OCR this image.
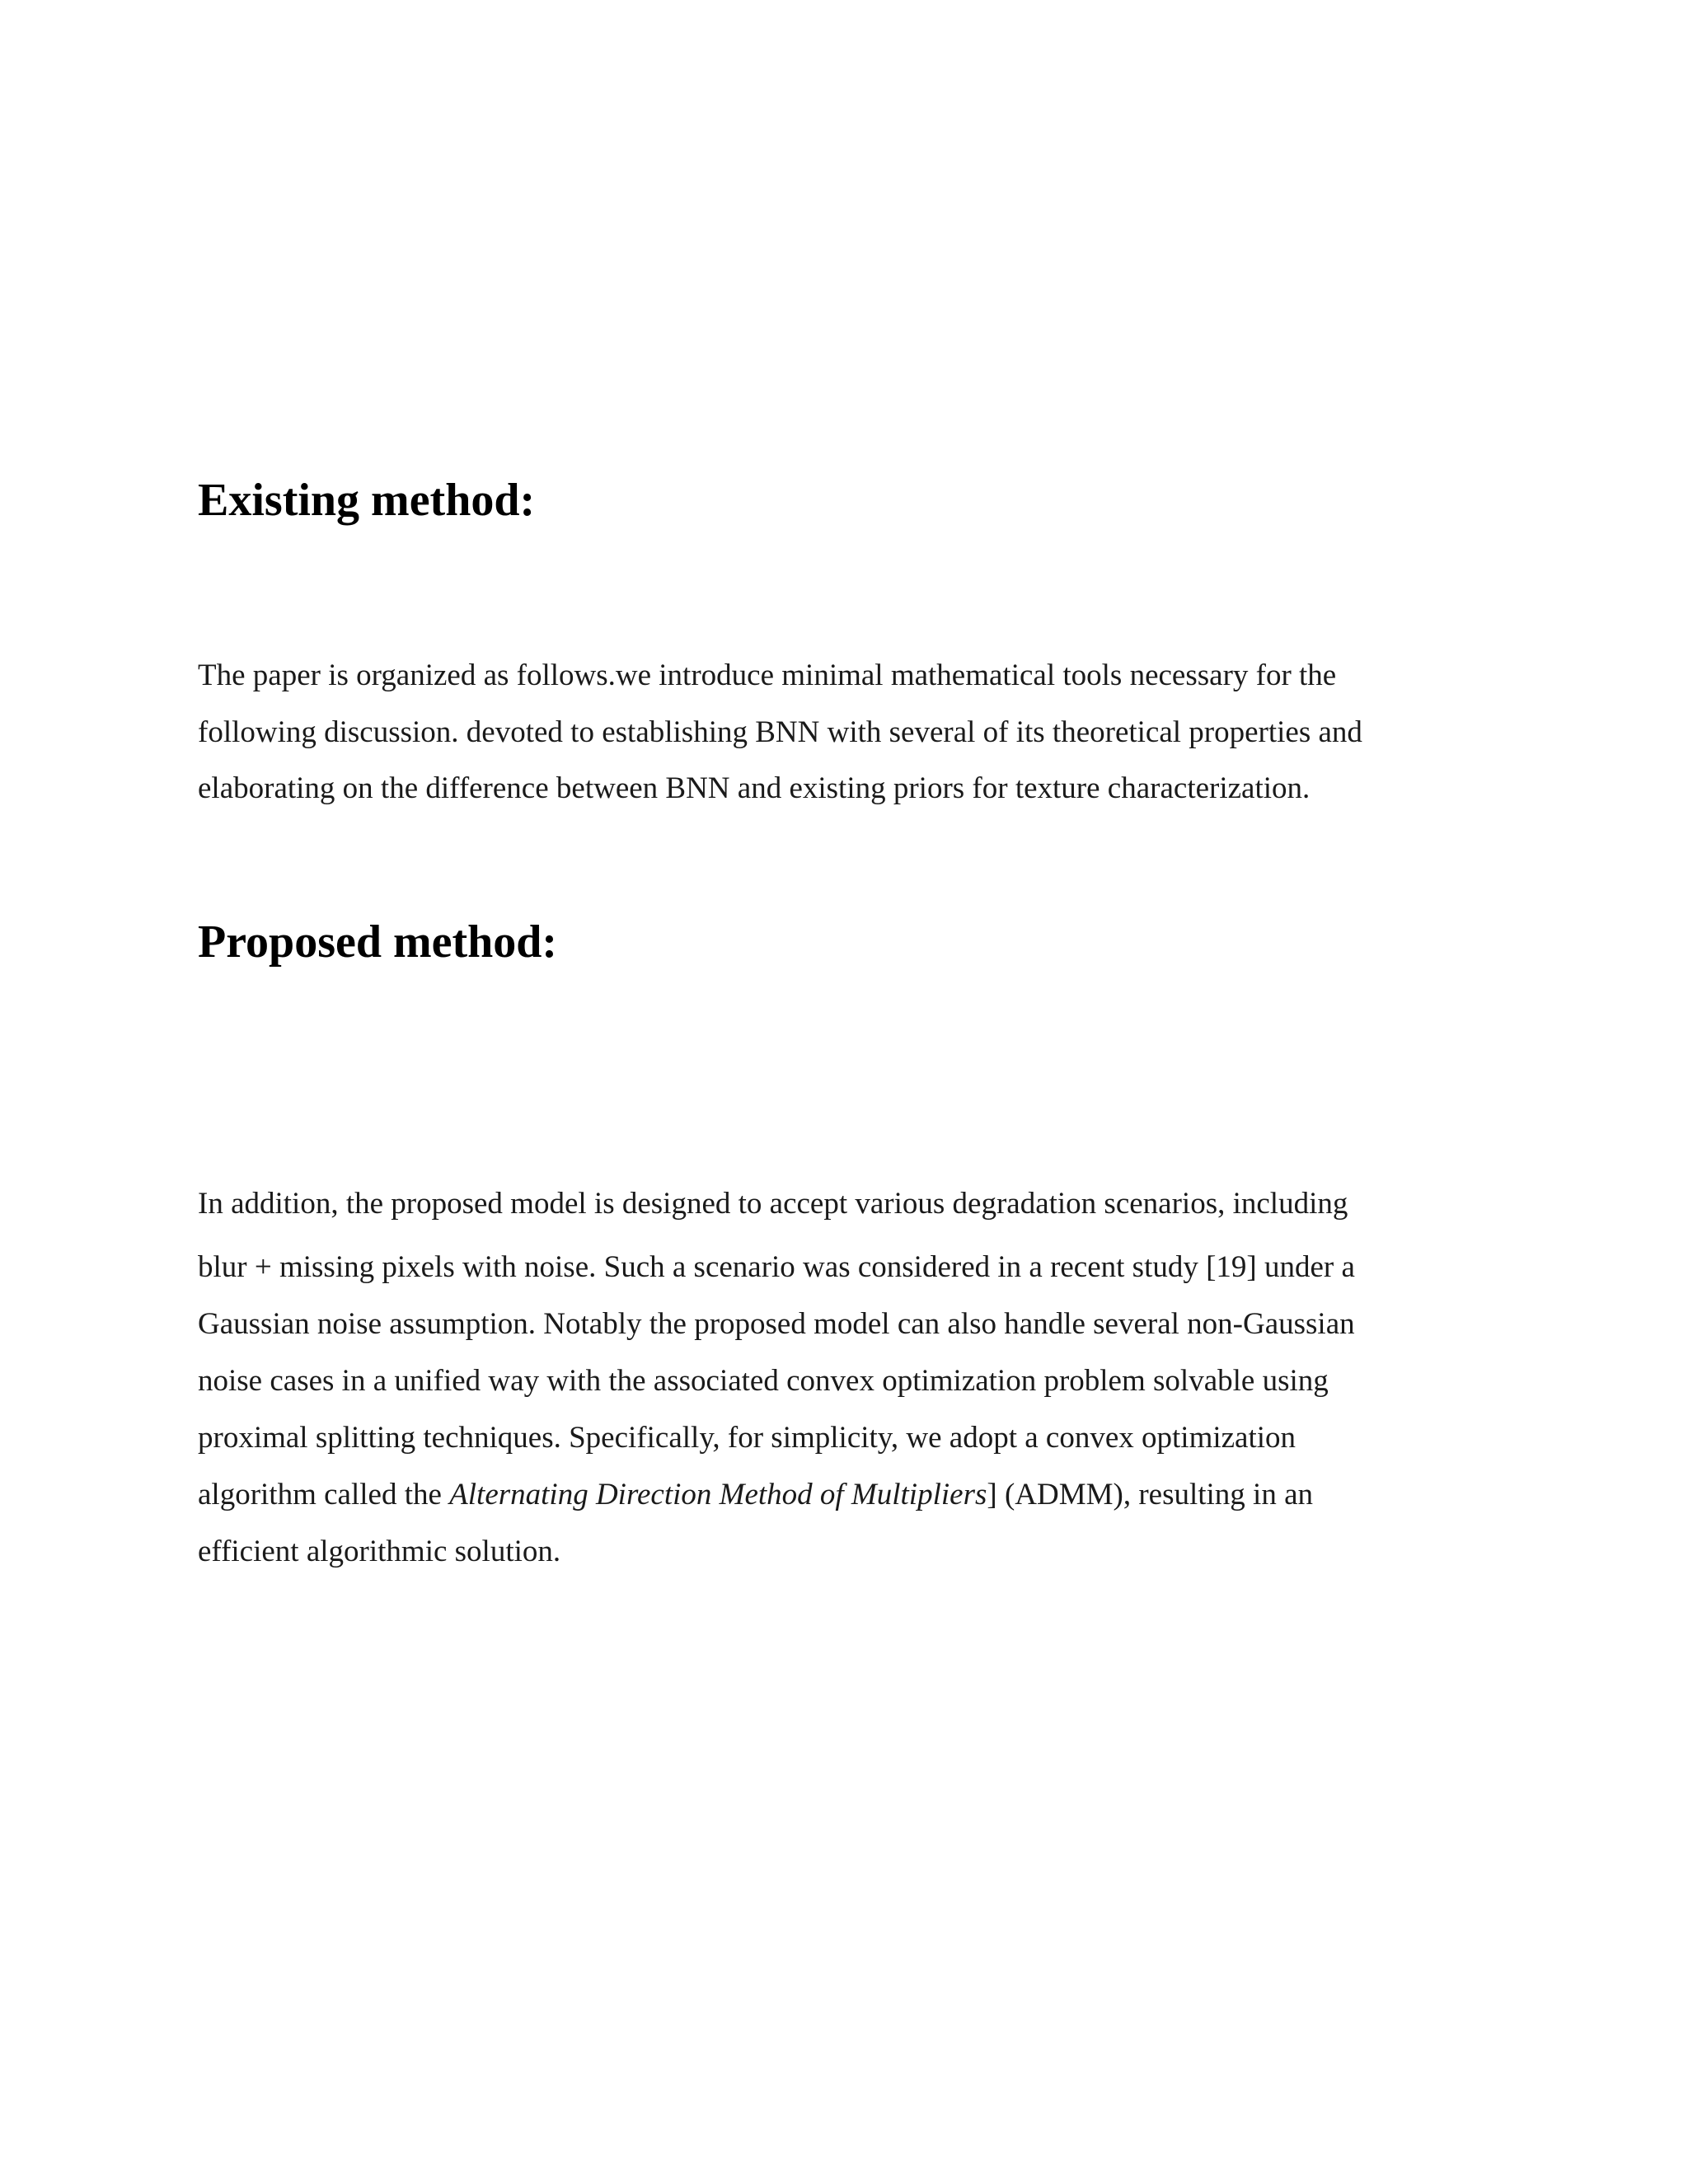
Existing method:
The paper is organized as follows.we introduce minimal mathematical tools necessary for the
following discussion. devoted to establishing BNN with several of its theoretical properties and
elaborating on the difference between BNN and existing priors for texture characterization.
Proposed method:
In addition, the proposed model is designed to accept various degradation scenarios, including
blur + missing pixels with noise. Such a scenario was considered in a recent study [19] under a
Gaussian noise assumption. Notably the proposed model can also handle several non-Gaussian
noise cases in a unified way with the associated convex optimization problem solvable using
proximal splitting techniques. Specifically, for simplicity, we adopt a convex optimization
algorithm called the Alternating Direction Method of Multipliers] (ADMM), resulting in an
efficient algorithmic solution.
